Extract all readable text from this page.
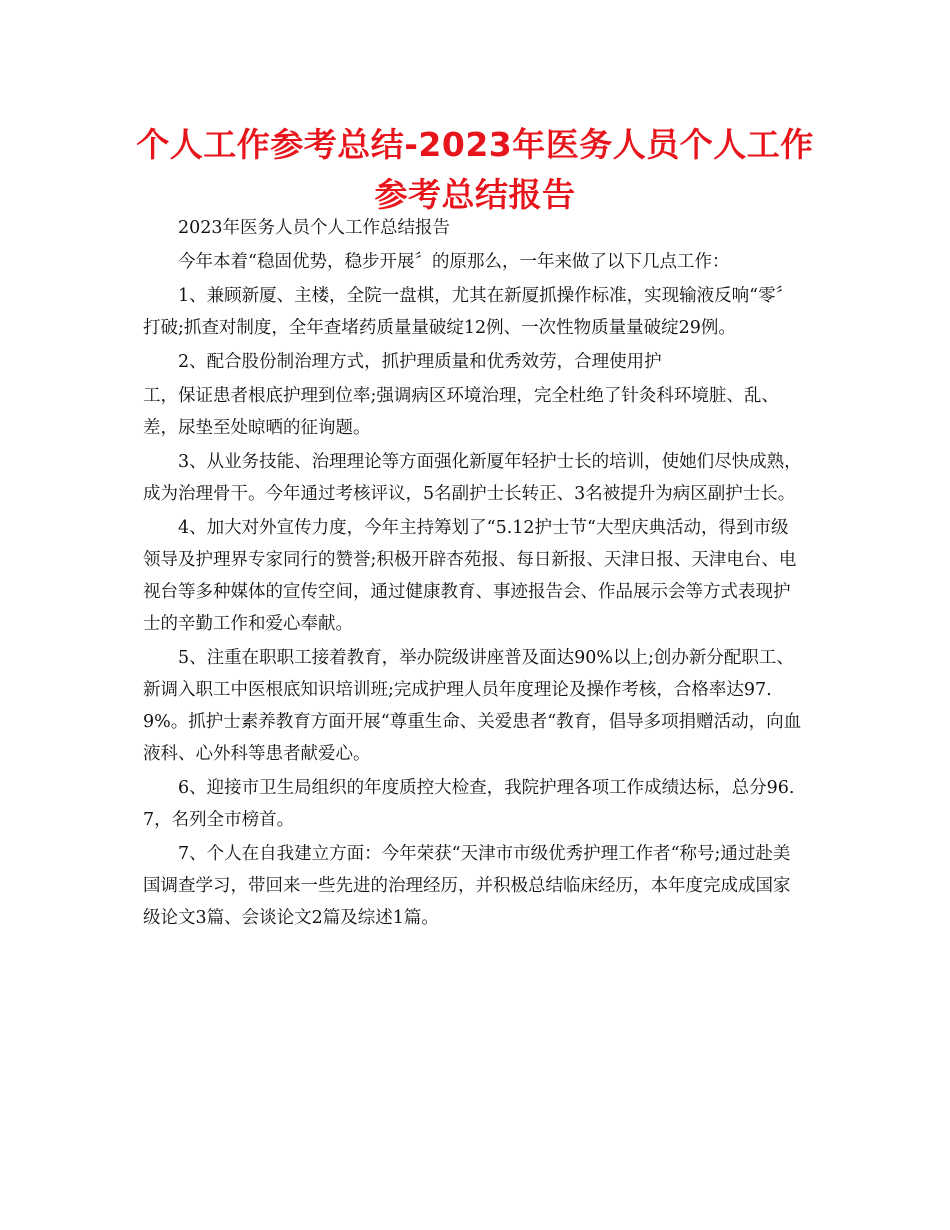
个人工作参考总结-2023年医务人员个人工作参考总结报告

2023年医务人员个人工作总结报告

今年本着“稳固优势，稳步开展〞的原那么，一年来做了以下几点工作：

1、兼顾新厦、主楼，全院一盘棋，尤其在新厦抓操作标准，实现输液反响“零〞打破;抓查对制度，全年查堵药质量量破绽12例、一次性物质量量破绽29例。

2、配合股份制治理方式，抓护理质量和优秀效劳，合理使用护

工，保证患者根底护理到位率;强调病区环境治理，完全杜绝了针灸科环境脏、乱、差，尿垫至处晾晒的征询题。

3、从业务技能、治理理论等方面强化新厦年轻护士长的培训，使她们尽快成熟，成为治理骨干。今年通过考核评议，5名副护士长转正、3名被提升为病区副护士长。

4、加大对外宣传力度，今年主持筹划了“5.12护士节“大型庆典活动，得到市级领导及护理界专家同行的赞誉;积极开辟杏苑报、每日新报、天津日报、天津电台、电视台等多种媒体的宣传空间，通过健康教育、事迹报告会、作品展示会等方式表现护士的辛勤工作和爱心奉献。

5、注重在职职工接着教育，举办院级讲座普及面达90%以上;创办新分配职工、新调入职工中医根底知识培训班;完成护理人员年度理论及操作考核，合格率达97.9%。抓护士素养教育方面开展“尊重生命、关爱患者“教育，倡导多项捐赠活动，向血液科、心外科等患者献爱心。

6、迎接市卫生局组织的年度质控大检查，我院护理各项工作成绩达标，总分96.7，名列全市榜首。

7、个人在自我建立方面：今年荣获“天津市市级优秀护理工作者“称号;通过赴美国调查学习，带回来一些先进的治理经历，并积极总结临床经历，本年度完成成国家级论文3篇、会谈论文2篇及综述1篇。
